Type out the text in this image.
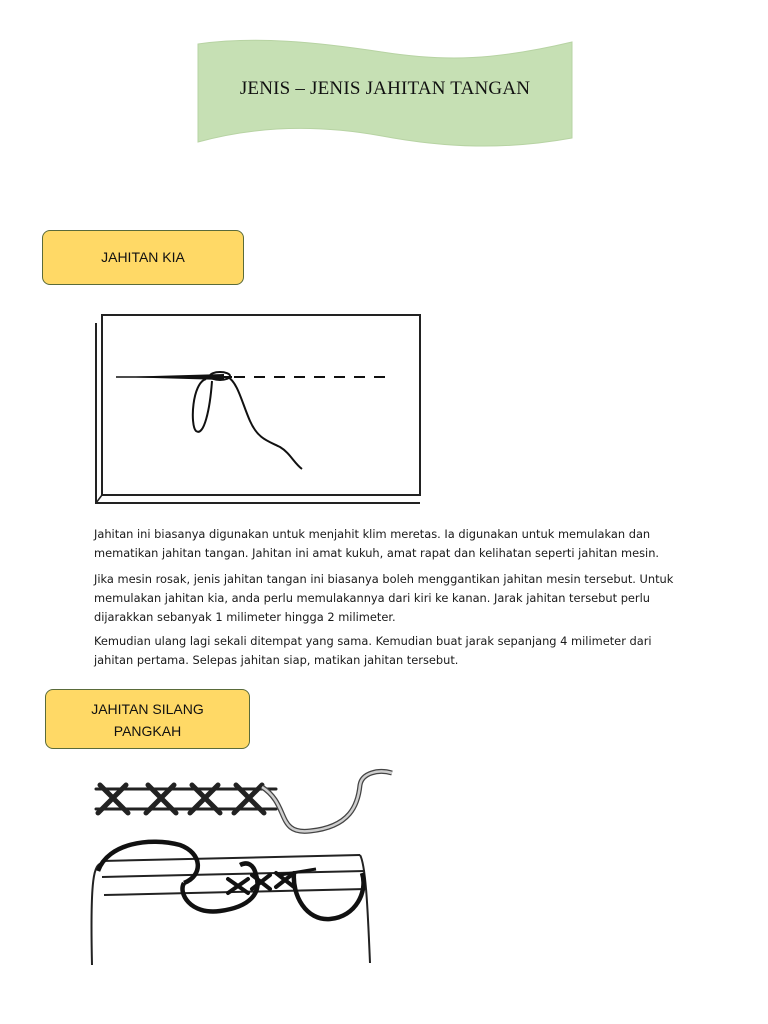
JENIS – JENIS JAHITAN TANGAN
JAHITAN KIA

Jahitan ini biasanya digunakan untuk menjahit klim meretas. Ia digunakan untuk memulakan dan mematikan jahitan tangan. Jahitan ini amat kukuh, amat rapat dan kelihatan seperti jahitan mesin.

Jika mesin rosak, jenis jahitan tangan ini biasanya boleh menggantikan jahitan mesin tersebut. Untuk memulakan jahitan kia, anda perlu memulakannya dari kiri ke kanan. Jarak jahitan tersebut perlu dijarakkan sebanyak 1 milimeter hingga 2 milimeter.

Kemudian ulang lagi sekali ditempat yang sama. Kemudian buat jarak sepanjang 4 milimeter dari jahitan pertama. Selepas jahitan siap, matikan jahitan tersebut.

JAHITAN SILANG
PANGKAH
